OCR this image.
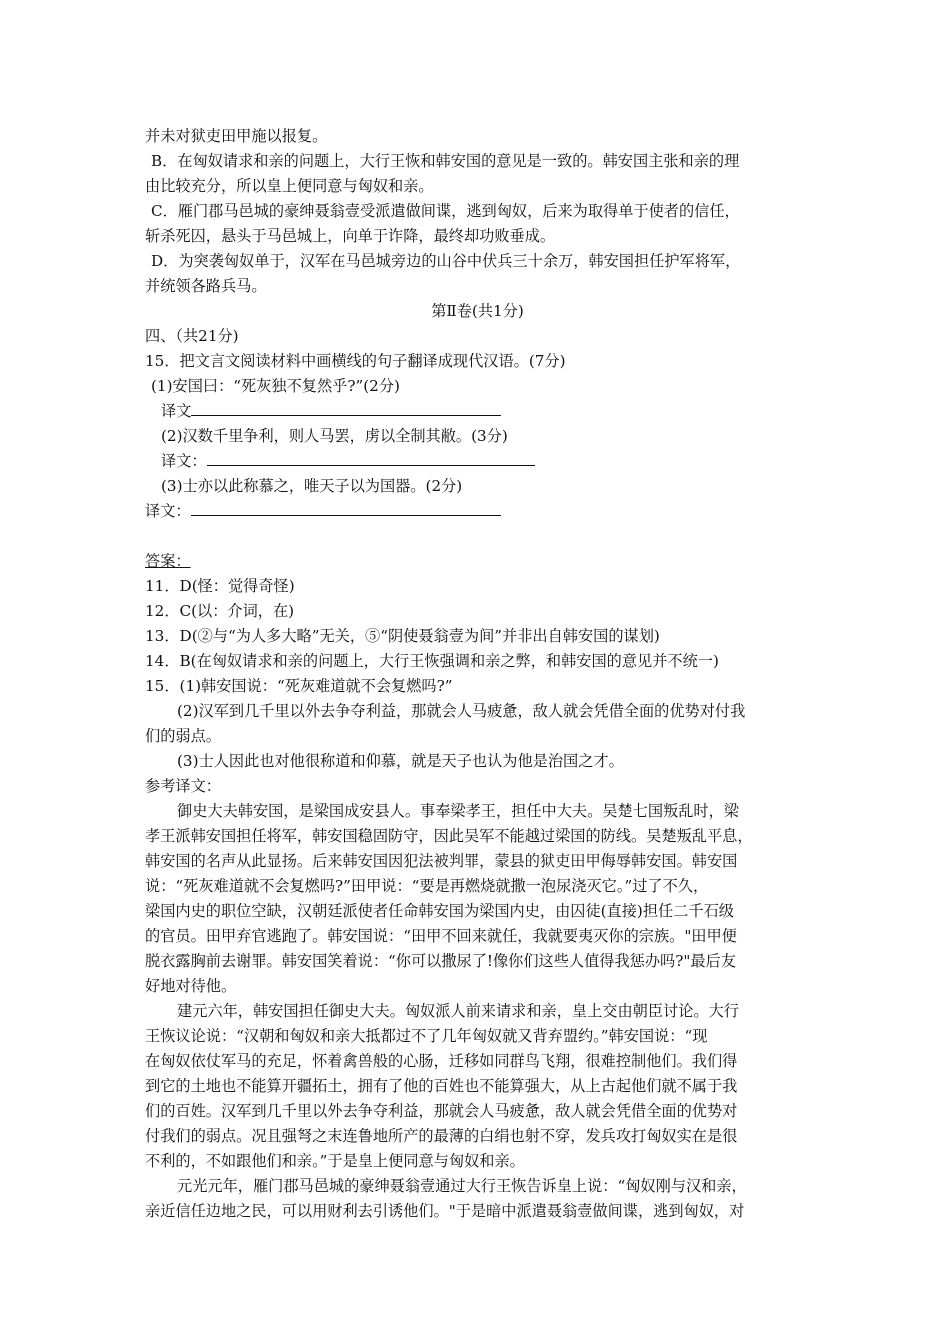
并未对狱吏田甲施以报复。
B．在匈奴请求和亲的问题上，大行王恢和韩安国的意见是一致的。韩安国主张和亲的理
由比较充分，所以皇上便同意与匈奴和亲。
C．雁门郡马邑城的豪绅聂翁壹受派遣做间谍，逃到匈奴，后来为取得单于使者的信任，
斩杀死囚，悬头于马邑城上，向单于诈降，最终却功败垂成。
D．为突袭匈奴单于，汉军在马邑城旁边的山谷中伏兵三十余万，韩安国担任护军将军，
并统领各路兵马。
第Ⅱ卷(共1分)
四、（共21分)
15．把文言文阅读材料中画横线的句子翻译成现代汉语。(7分)
(1)安国曰：“死灰独不复然乎?”(2分)
译文
(2)汉数千里争利，则人马罢，虏以全制其敝。(3分)
译文：
(3)士亦以此称慕之，唯天子以为国器。(2分)
译文：
答案：
11．D(怪：觉得奇怪)
12．C(以：介词，在)
13．D(②与“为人多大略”无关，⑤“阴使聂翁壹为间”并非出自韩安国的谋划)
14．B(在匈奴请求和亲的问题上，大行王恢强调和亲之弊，和韩安国的意见并不统一)
15．(1)韩安国说：“死灰难道就不会复燃吗?”
(2)汉军到几千里以外去争夺利益，那就会人马疲惫，敌人就会凭借全面的优势对付我
们的弱点。
(3)士人因此也对他很称道和仰慕，就是天子也认为他是治国之才。
参考译文：
御史大夫韩安国，是梁国成安县人。事奉梁孝王，担任中大夫。吴楚七国叛乱时，梁
孝王派韩安国担任将军，韩安国稳固防守，因此吴军不能越过梁国的防线。吴楚叛乱平息，
韩安国的名声从此显扬。后来韩安国因犯法被判罪，蒙县的狱吏田甲侮辱韩安国。韩安国
说：“死灰难道就不会复燃吗?”田甲说：“要是再燃烧就撒一泡尿浇灭它。”过了不久，
梁国内史的职位空缺，汉朝廷派使者任命韩安国为梁国内史，由囚徒(直接)担任二千石级
的官员。田甲弃官逃跑了。韩安国说：“田甲不回来就任，我就要夷灭你的宗族。"田甲便
脱衣露胸前去谢罪。韩安国笑着说：“你可以撒尿了!像你们这些人值得我惩办吗?"最后友
好地对待他。
建元六年，韩安国担任御史大夫。匈奴派人前来请求和亲，皇上交由朝臣讨论。大行
王恢议论说：“汉朝和匈奴和亲大抵都过不了几年匈奴就又背弃盟约。”韩安国说：“现
在匈奴依仗军马的充足，怀着禽兽般的心肠，迁移如同群鸟飞翔，很难控制他们。我们得
到它的土地也不能算开疆拓土，拥有了他的百姓也不能算强大，从上古起他们就不属于我
们的百姓。汉军到几千里以外去争夺利益，那就会人马疲惫，敌人就会凭借全面的优势对
付我们的弱点。况且强弩之末连鲁地所产的最薄的白绢也射不穿，发兵攻打匈奴实在是很
不利的，不如跟他们和亲。”于是皇上便同意与匈奴和亲。
元光元年，雁门郡马邑城的豪绅聂翁壹通过大行王恢告诉皇上说：“匈奴刚与汉和亲，
亲近信任边地之民，可以用财利去引诱他们。"于是暗中派遣聂翁壹做间谍，逃到匈奴，对
